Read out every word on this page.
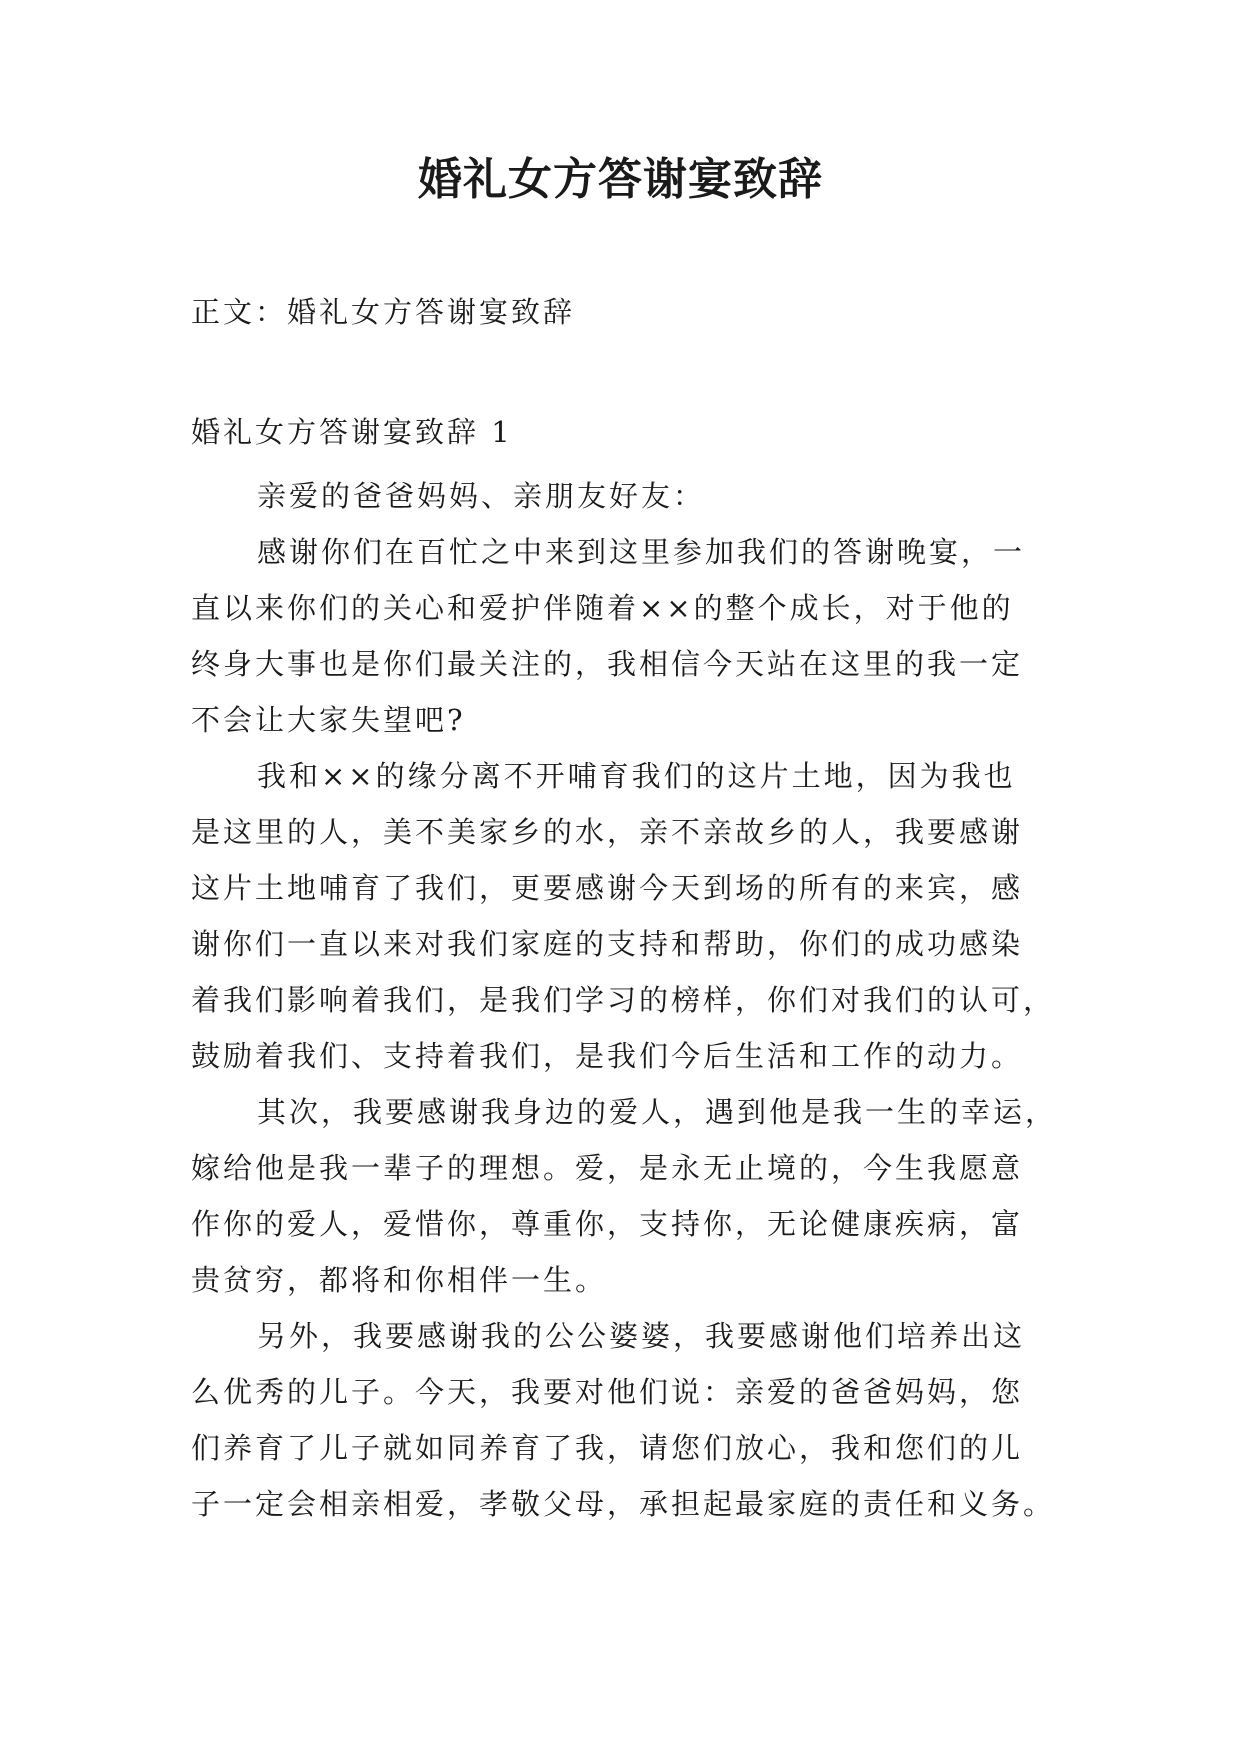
婚礼女方答谢宴致辞

正文：婚礼女方答谢宴致辞

婚礼女方答谢宴致辞 1

亲爱的爸爸妈妈、亲朋友好友：

感谢你们在百忙之中来到这里参加我们的答谢晚宴，一
直以来你们的关心和爱护伴随着××的整个成长，对于他的
终身大事也是你们最关注的，我相信今天站在这里的我一定
不会让大家失望吧?

我和××的缘分离不开哺育我们的这片土地，因为我也
是这里的人，美不美家乡的水，亲不亲故乡的人，我要感谢
这片土地哺育了我们，更要感谢今天到场的所有的来宾，感
谢你们一直以来对我们家庭的支持和帮助，你们的成功感染
着我们影响着我们，是我们学习的榜样，你们对我们的认可，
鼓励着我们、支持着我们，是我们今后生活和工作的动力。

其次，我要感谢我身边的爱人，遇到他是我一生的幸运，
嫁给他是我一辈子的理想。爱，是永无止境的，今生我愿意
作你的爱人，爱惜你，尊重你，支持你，无论健康疾病，富
贵贫穷，都将和你相伴一生。

另外，我要感谢我的公公婆婆，我要感谢他们培养出这
么优秀的儿子。今天，我要对他们说：亲爱的爸爸妈妈，您
们养育了儿子就如同养育了我，请您们放心，我和您们的儿
子一定会相亲相爱，孝敬父母，承担起最家庭的责任和义务。
